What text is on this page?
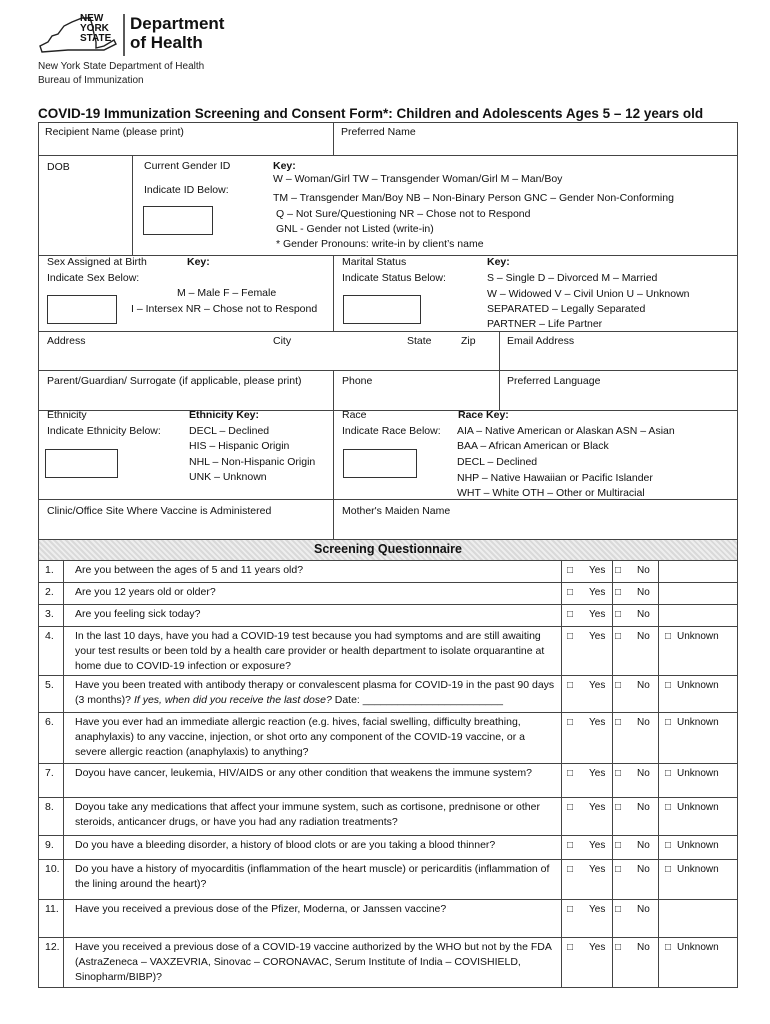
NEW
YORK
STATE
Department
of Health
New York State Department of Health
Bureau of Immunization
COVID-19 Immunization Screening and Consent Form*: Children and Adolescents Ages 5 – 12 years old
Recipient Name (please print)	Preferred Name
DOB	Current Gender ID
Indicate ID Below:
Key:
W – Woman/Girl TW – Transgender Woman/Girl M – Man/Boy
TM – Transgender Man/Boy NB – Non-Binary Person GNC – Gender Non-Conforming
Q – Not Sure/Questioning NR – Chose not to Respond
GNL - Gender not Listed (write-in)
* Gender Pronouns: write-in by client’s name
Sex Assigned at Birth	Key:
Indicate Sex Below:
M – Male F – Female
I – Intersex NR – Chose not to Respond
Marital Status	Key:
Indicate Status Below:	S – Single D – Divorced M – Married
W – Widowed V – Civil Union U – Unknown
SEPARATED – Legally Separated
PARTNER – Life Partner
Address	City	State	Zip	Email Address
Parent/Guardian/ Surrogate (if applicable, please print)	Phone	Preferred Language
Ethnicity	Ethnicity Key:
Indicate Ethnicity Below:	DECL – Declined
HIS – Hispanic Origin
NHL – Non-Hispanic Origin
UNK – Unknown
Race	Race Key:
Indicate Race Below: AIA – Native American or Alaskan ASN – Asian
BAA – African American or Black
DECL – Declined
NHP – Native Hawaiian or Pacific Islander
WHT – White OTH – Other or Multiracial
Clinic/Office Site Where Vaccine is Administered	Mother's Maiden Name
Screening Questionnaire
1. Are you between the ages of 5 and 11 years old?	□ Yes □ No
2. Are you 12 years old or older?	□ Yes □ No
3. Are you feeling sick today?	□ Yes □ No
4. In the last 10 days, have you had a COVID-19 test because you had symptoms and are still awaiting your test results or been told by a health care provider or health department to isolate orquarantine at home due to COVID-19 infection or exposure?
□ Yes □ No □ Unknown
5. Have you been treated with antibody therapy or convalescent plasma for COVID-19 in the past 90 days (3 months)? If yes, when did you receive the last dose? Date: ________________________
□ Yes □ No □ Unknown
6. Have you ever had an immediate allergic reaction (e.g. hives, facial swelling, difficulty breathing, anaphylaxis) to any vaccine, injection, or shot orto any component of the COVID-19 vaccine, or a severe allergic reaction (anaphylaxis) to anything?
□ Yes □ No □ Unknown
7. Doyou have cancer, leukemia, HIV/AIDS or any other condition that weakens the immune system?	□ Yes □ No □ Unknown
8. Doyou take any medications that affect your immune system, such as cortisone, prednisone or other steroids, anticancer drugs, or have you had any radiation treatments?
□ Yes □ No □ Unknown
9. Do you have a bleeding disorder, a history of blood clots or are you taking a blood thinner?	□ Yes □ No □ Unknown
10. Do you have a history of myocarditis (inflammation of the heart muscle) or pericarditis (inflammation of the lining around the heart)?
□ Yes □ No □ Unknown
11. Have you received a previous dose of the Pfizer, Moderna, or Janssen vaccine?	□ Yes □ No
12. Have you received a previous dose of a COVID-19 vaccine authorized by the WHO but not by the FDA (AstraZeneca – VAXZEVRIA, Sinovac – CORONAVAC, Serum Institute of India – COVISHIELD, Sinopharm/BIBP)?
□ Yes □ No □ Unknown
